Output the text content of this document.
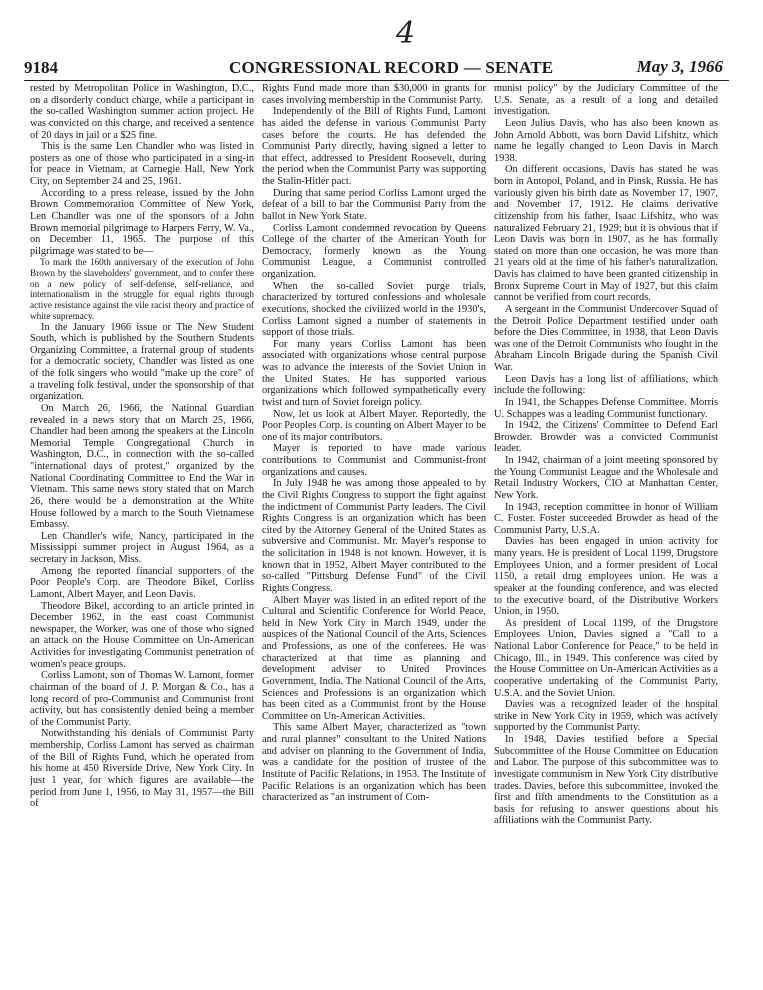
4
9184	CONGRESSIONAL RECORD — SENATE	May 3, 1966

rested by Metropolitan Police in Washington, D.C., on a disorderly conduct charge, while a participant in the so-called Washington summer action project. He was convicted on this charge, and received a sentence of 20 days in jail or a $25 fine.

This is the same Len Chandler who was listed in posters as one of those who participated in a sing-in for peace in Vietnam, at Carnegie Hall, New York City, on September 24 and 25, 1961.

According to a press release, issued by the John Brown Commemoration Committee of New York, Len Chandler was one of the sponsors of a John Brown memorial pilgrimage to Harpers Ferry, W. Va., on December 11, 1965. The purpose of this pilgrimage was stated to be—

To mark the 160th anniversary of the execution of John Brown by the slaveholders' government, and to confer there on a new policy of self-defense, self-reliance, and internationalism in the struggle for equal rights through active resistance against the vile racist theory and practice of white supremacy.

In the January 1966 issue or The New Student South, which is published by the Southern Students Organizing Committee, a fraternal group of students for a democratic society, Chandler was listed as one of the folk singers who would "make up the core" of a traveling folk festival, under the sponsorship of that organization.

On March 26, 1966, the National Guardian revealed in a news story that on March 25, 1966, Chandler had been among the speakers at the Lincoln Memorial Temple Congregational Church in Washington, D.C., in connection with the so-called "international days of protest," organized by the National Coordinating Committee to End the War in Vietnam. This same news story stated that on March 26, there would be a demonstration at the White House followed by a march to the South Vietnamese Embassy.

Len Chandler's wife, Nancy, participated in the Mississippi summer project in August 1964, as a secretary in Jackson, Miss.

Among the reported financial supporters of the Poor People's Corp. are Theodore Bikel, Corliss Lamont, Albert Mayer, and Leon Davis.

Theodore Bikel, according to an article printed in December 1962, in the east coast Communist newspaper, the Worker, was one of those who signed an attack on the House Committee on Un-American Activities for investigating Communist penetration of women's peace groups.

Corliss Lamont, son of Thomas W. Lamont, former chairman of the board of J. P. Morgan & Co., has a long record of pro-Communist and Communist front activity, but has consistently denied being a member of the Communist Party.

Notwithstanding his denials of Communist Party membership, Corliss Lamont has served as chairman of the Bill of Rights Fund, which he operated from his home at 450 Riverside Drive, New York City. In just 1 year, for which figures are available—the period from June 1, 1956, to May 31, 1957—the Bill of

Rights Fund made more than $30,000 in grants for cases involving membership in the Communist Party.

Independently of the Bill of Rights Fund, Lamont has aided the defense in various Communist Party cases before the courts. He has defended the Communist Party directly, having signed a letter to that effect, addressed to President Roosevelt, during the period when the Communist Party was supporting the Stalin-Hitler pact.

During that same period Corliss Lamont urged the defeat of a bill to bar the Communist Party from the ballot in New York State.

Corliss Lamont condemned revocation by Queens College of the charter of the American Youth for Democracy, formerly known as the Young Communist League, a Communist controlled organization.

When the so-called Soviet purge trials, characterized by tortured confessions and wholesale executions, shocked the civilized world in the 1930's, Corliss Lamont signed a number of statements in support of those trials.

For many years Corliss Lamont has been associated with organizations whose central purpose was to advance the interests of the Soviet Union in the United States. He has supported various organizations which followed sympathetically every twist and turn of Soviet foreign policy.

Now, let us look at Albert Mayer. Reportedly, the Poor Peoples Corp. is counting on Albert Mayer to be one of its major contributors.

Mayer is reported to have made various contributions to Communist and Communist-front organizations and causes.

In July 1948 he was among those appealed to by the Civil Rights Congress to support the fight against the indictment of Communist Party leaders. The Civil Rights Congress is an organization which has been cited by the Attorney General of the United States as subversive and Communist. Mr. Mayer's response to the solicitation in 1948 is not known. However, it is known that in 1952, Albert Mayer contributed to the so-called "Pittsburg Defense Fund" of the Civil Rights Congress.

Albert Mayer was listed in an edited report of the Cultural and Scientific Conference for World Peace, held in New York City in March 1949, under the auspices of the National Council of the Arts, Sciences and Professions, as one of the conferees. He was characterized at that time as planning and development adviser to United Provinces Government, India. The National Council of the Arts, Sciences and Professions is an organization which has been cited as a Communist front by the House Committee on Un-American Activities.

This same Albert Mayer, characterized as "town and rural planner" consultant to the United Nations and adviser on planning to the Government of India, was a candidate for the position of trustee of the Institute of Pacific Relations, in 1953. The Institute of Pacific Relations is an organization which has been characterized as "an instrument of Com-

munist policy" by the Judiciary Committee of the U.S. Senate, as a result of a long and detailed investigation.

Leon Julius Davis, who has also been known as John Arnold Abbott, was born David Lifshitz, which name he legally changed to Leon Davis in March 1938.

On different occasions, Davis has stated he was born in Antopol, Poland, and in Pinsk, Russia. He has variously given his birth date as November 17, 1907, and November 17, 1912. He claims derivative citizenship from his father, Isaac Lifshitz, who was naturalized February 21, 1929; but it is obvious that if Leon Davis was born in 1907, as he has formally stated on more than one occasion, he was more than 21 years old at the time of his father's naturalization. Davis has claimed to have been granted citizenship in Bronx Supreme Court in May of 1927, but this claim cannot be verified from court records.

A sergeant in the Communist Undercover Squad of the Detroit Police Department testified under oath before the Dies Committee, in 1938, that Leon Davis was one of the Detroit Communists who fought in the Abraham Lincoln Brigade during the Spanish Civil War.

Leon Davis has a long list of affiliations, which include the following:

In 1941, the Schappes Defense Committee. Morris U. Schappes was a leading Communist functionary.

In 1942, the Citizens' Committee to Defend Earl Browder. Browder was a convicted Communist leader.

In 1942, chairman of a joint meeting sponsored by the Young Communist League and the Wholesale and Retail Industry Workers, CIO at Manhattan Center, New York.

In 1943, reception committee in honor of William C. Foster. Foster succeeded Browder as head of the Communist Party, U.S.A.

Davies has been engaged in union activity for many years. He is president of Local 1199, Drugstore Employees Union, and a former president of Local 1150, a retail drug employees union. He was a speaker at the founding conference, and was elected to the executive board, of the Distributive Workers Union, in 1950.

As president of Local 1199, of the Drugstore Employees Union, Davies signed a "Call to a National Labor Conference for Peace," to be held in Chicago, Ill., in 1949. This conference was cited by the House Committee on Un-American Activities as a cooperative undertaking of the Communist Party, U.S.A. and the Soviet Union.

Davies was a recognized leader of the hospital strike in New York City in 1959, which was actively supported by the Communist Party.

In 1948, Davies testified before a Special Subcommittee of the House Committee on Education and Labor. The purpose of this subcommittee was to investigate communism in New York City distributive trades. Davies, before this subcommittee, invoked the first and fifth amendments to the Constitution as a basis for refusing to answer questions about his affiliations with the Communist Party.
